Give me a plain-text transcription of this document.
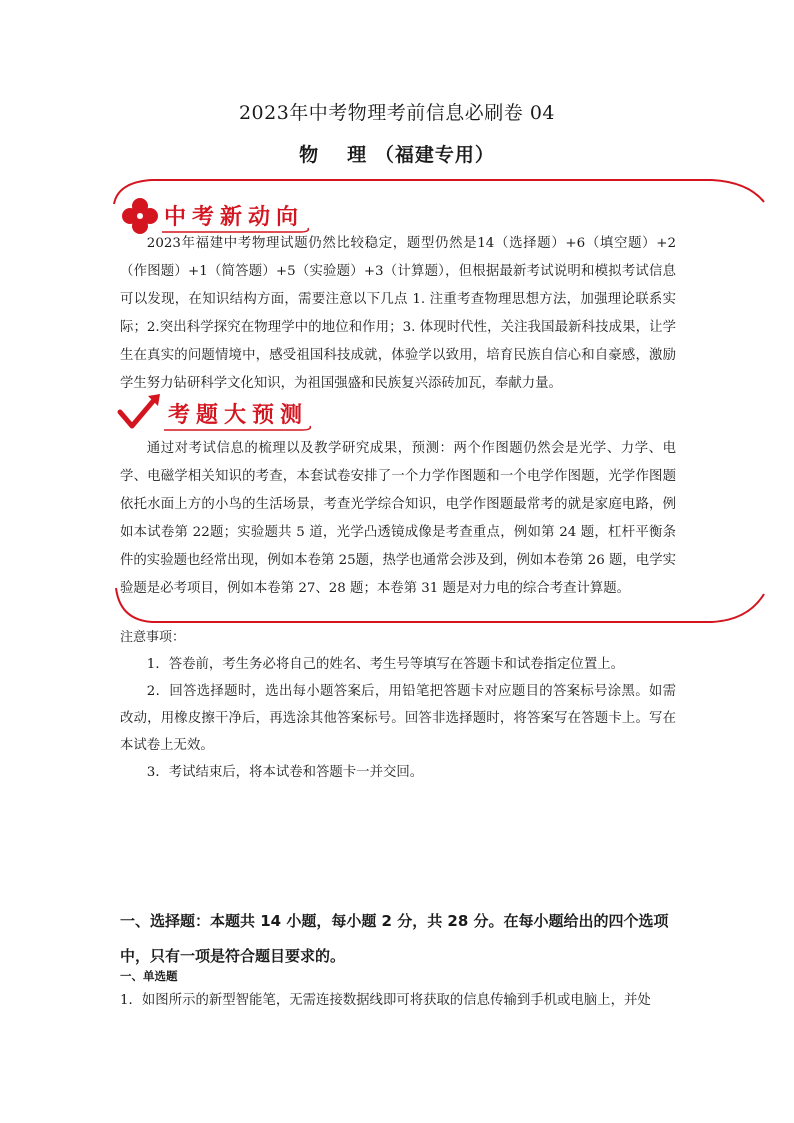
2023年中考物理考前信息必刷卷 04
物 理 （福建专用）
中考新动向
2023年福建中考物理试题仍然比较稳定，题型仍然是14（选择题）+6（填空题）+2（作图题）+1（简答题）+5（实验题）+3（计算题），但根据最新考试说明和模拟考试信息可以发现，在知识结构方面，需要注意以下几点 1. 注重考查物理思想方法，加强理论联系实际；2.突出科学探究在物理学中的地位和作用；3. 体现时代性，关注我国最新科技成果，让学生在真实的问题情境中，感受祖国科技成就，体验学以致用，培育民族自信心和自豪感，激励学生努力钻研科学文化知识，为祖国强盛和民族复兴添砖加瓦，奉献力量。
考题大预测
通过对考试信息的梳理以及教学研究成果，预测：两个作图题仍然会是光学、力学、电学、电磁学相关知识的考查，本套试卷安排了一个力学作图题和一个电学作图题，光学作图题依托水面上方的小鸟的生活场景，考查光学综合知识，电学作图题最常考的就是家庭电路，例如本试卷第 22题；实验题共 5 道，光学凸透镜成像是考查重点，例如第 24 题，杠杆平衡条件的实验题也经常出现，例如本卷第 25题，热学也通常会涉及到，例如本卷第 26 题，电学实验题是必考项目，例如本卷第 27、28 题；本卷第 31 题是对力电的综合考查计算题。
注意事项：
1．答卷前，考生务必将自己的姓名、考生号等填写在答题卡和试卷指定位置上。
2．回答选择题时，选出每小题答案后，用铅笔把答题卡对应题目的答案标号涂黑。如需改动，用橡皮擦干净后，再选涂其他答案标号。回答非选择题时，将答案写在答题卡上。写在本试卷上无效。
3．考试结束后，将本试卷和答题卡一并交回。
一、选择题：本题共 14 小题，每小题 2 分，共 28 分。在每小题给出的四个选项中，只有一项是符合题目要求的。
一、单选题
1．如图所示的新型智能笔，无需连接数据线即可将获取的信息传输到手机或电脑上，并处
